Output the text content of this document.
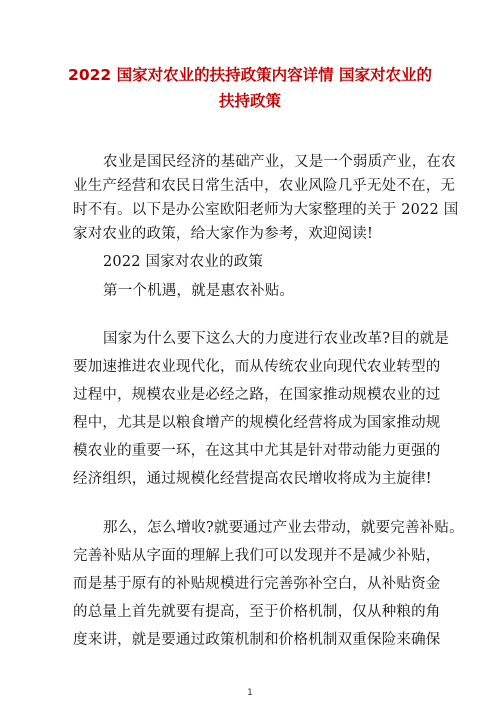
2022 国家对农业的扶持政策内容详情 国家对农业的
扶持政策
农业是国民经济的基础产业，又是一个弱质产业，在农
业生产经营和农民日常生活中，农业风险几乎无处不在，无
时不有。以下是办公室欧阳老师为大家整理的关于 2022 国
家对农业的政策，给大家作为参考，欢迎阅读!
2022 国家对农业的政策
第一个机遇，就是惠农补贴。
国家为什么要下这么大的力度进行农业改革?目的就是
要加速推进农业现代化，而从传统农业向现代农业转型的
过程中，规模农业是必经之路，在国家推动规模农业的过
程中，尤其是以粮食增产的规模化经营将成为国家推动规
模农业的重要一环，在这其中尤其是针对带动能力更强的
经济组织，通过规模化经营提高农民增收将成为主旋律!
那么，怎么增收?就要通过产业去带动，就要完善补贴。
完善补贴从字面的理解上我们可以发现并不是减少补贴，
而是基于原有的补贴规模进行完善弥补空白，从补贴资金
的总量上首先就要有提高，至于价格机制，仅从种粮的角
度来讲，就是要通过政策机制和价格机制双重保险来确保
1
